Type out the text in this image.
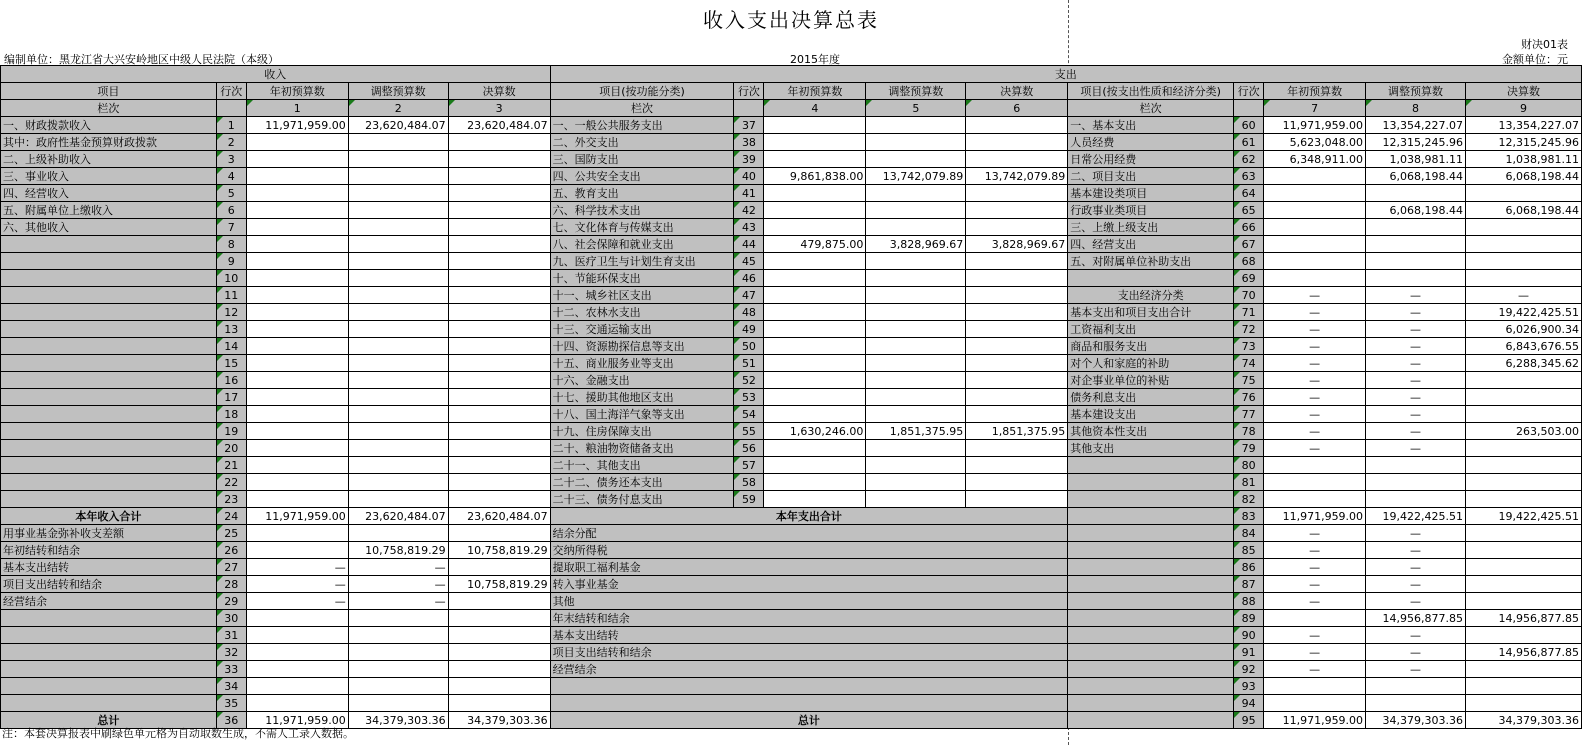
收入支出决算总表
编制单位：黑龙江省大兴安岭地区中级人民法院（本级）	2015年度
财决01表
金额单位：元
收入					支出									
项目	行次	年初预算数	调整预算数	决算数	项目(按功能分类)	行次	年初预算数	调整预算数	决算数	项目(按支出性质和经济分类)	行次	年初预算数	调整预算数	决算数
栏次		1	2	3	栏次		4	5	6	栏次		7	8	9
一、财政拨款收入	1	11,971,959.00	23,620,484.07	23,620,484.07	一、一般公共服务支出	37				一、基本支出	60	11,971,959.00	13,354,227.07	13,354,227.07
其中：政府性基金预算财政拨款	2				二、外交支出	38				人员经费	61	5,623,048.00	12,315,245.96	12,315,245.96
二、上级补助收入	3				三、国防支出	39				日常公用经费	62	6,348,911.00	1,038,981.11	1,038,981.11
三、事业收入	4				四、公共安全支出	40	9,861,838.00	13,742,079.89	13,742,079.89	二、项目支出	63		6,068,198.44	6,068,198.44
四、经营收入	5				五、教育支出	41				基本建设类项目	64			
五、附属单位上缴收入	6				六、科学技术支出	42				行政事业类项目	65		6,068,198.44	6,068,198.44
六、其他收入	7				七、文化体育与传媒支出	43				三、上缴上级支出	66			
	8				八、社会保障和就业支出	44	479,875.00	3,828,969.67	3,828,969.67	四、经营支出	67			
	9				九、医疗卫生与计划生育支出	45				五、对附属单位补助支出	68			
	10				十、节能环保支出	46					69			
	11				十一、城乡社区支出	47				支出经济分类	70	—	—	—
	12				十二、农林水支出	48				基本支出和项目支出合计	71	—	—	19,422,425.51
	13				十三、交通运输支出	49				工资福利支出	72	—	—	6,026,900.34
	14				十四、资源勘探信息等支出	50				商品和服务支出	73	—	—	6,843,676.55
	15				十五、商业服务业等支出	51				对个人和家庭的补助	74	—	—	6,288,345.62
	16				十六、金融支出	52				对企事业单位的补贴	75	—	—	
	17				十七、援助其他地区支出	53				债务利息支出	76	—	—	
	18				十八、国土海洋气象等支出	54				基本建设支出	77	—	—	
	19				十九、住房保障支出	55	1,630,246.00	1,851,375.95	1,851,375.95	其他资本性支出	78	—	—	263,503.00
	20				二十、粮油物资储备支出	56				其他支出	79	—	—	
	21				二十一、其他支出	57					80			
	22				二十二、债务还本支出	58					81			
	23				二十三、债务付息支出	59					82			
本年收入合计	24	11,971,959.00	23,620,484.07	23,620,484.07	本年支出合计						83	11,971,959.00	19,422,425.51	19,422,425.51
用事业基金弥补收支差额	25				结余分配						84	—	—	
年初结转和结余	26		10,758,819.29	10,758,819.29	交纳所得税						85	—	—	
基本支出结转	27	—	—		提取职工福利基金						86	—	—	
项目支出结转和结余	28	—	—	10,758,819.29	转入事业基金						87	—	—	
经营结余	29	—	—		其他						88	—	—	
	30				年末结转和结余						89		14,956,877.85	14,956,877.85
	31				基本支出结转						90	—	—	
	32				项目支出结转和结余						91	—	—	14,956,877.85
	33				经营结余						92	—	—	
	34										93			
	35										94			
总计	36	11,971,959.00	34,379,303.36	34,379,303.36	总计						95	11,971,959.00	34,379,303.36	34,379,303.36
注：本套决算报表中刷绿色单元格为自动取数生成，不需人工录入数据。
